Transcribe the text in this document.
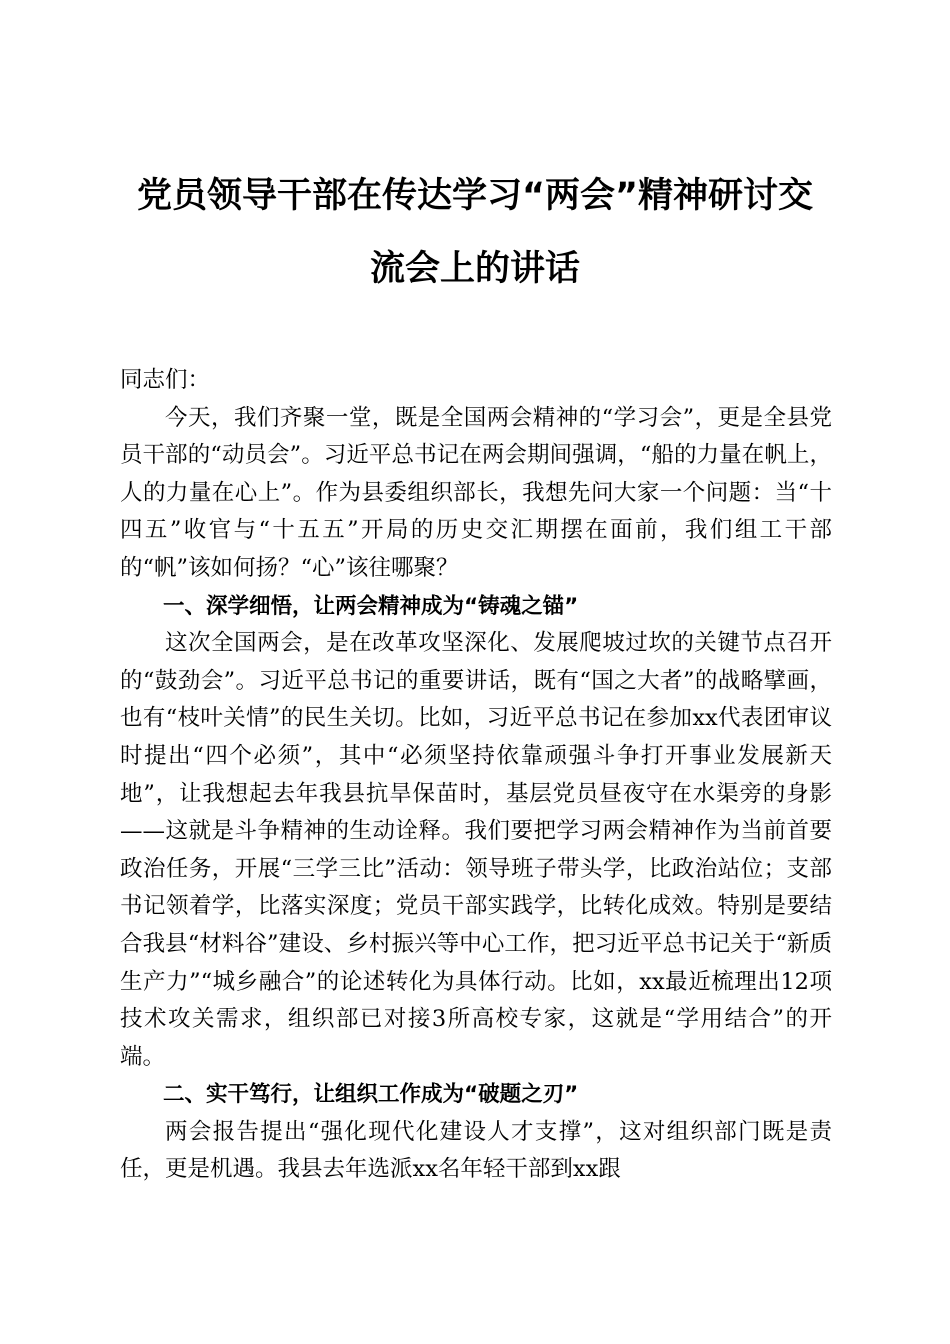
党员领导干部在传达学习“两会”精神研讨交
流会上的讲话

同志们：

今天，我们齐聚一堂，既是全国两会精神的“学习会”，更是全县党员干部的“动员会”。习近平总书记在两会期间强调，“船的力量在帆上，人的力量在心上”。作为县委组织部长，我想先问大家一个问题：当“十四五”收官与“十五五”开局的历史交汇期摆在面前，我们组工干部的“帆”该如何扬？“心”该往哪聚？

一、深学细悟，让两会精神成为“铸魂之锚”

这次全国两会，是在改革攻坚深化、发展爬坡过坎的关键节点召开的“鼓劲会”。习近平总书记的重要讲话，既有“国之大者”的战略擘画，也有“枝叶关情”的民生关切。比如，习近平总书记在参加xx代表团审议时提出“四个必须”，其中“必须坚持依靠顽强斗争打开事业发展新天地”，让我想起去年我县抗旱保苗时，基层党员昼夜守在水渠旁的身影——这就是斗争精神的生动诠释。我们要把学习两会精神作为当前首要政治任务，开展“三学三比”活动：领导班子带头学，比政治站位；支部书记领着学，比落实深度；党员干部实践学，比转化成效。特别是要结合我县“材料谷”建设、乡村振兴等中心工作，把习近平总书记关于“新质生产力”“城乡融合”的论述转化为具体行动。比如，xx最近梳理出12项技术攻关需求，组织部已对接3所高校专家，这就是“学用结合”的开端。

二、实干笃行，让组织工作成为“破题之刃”

两会报告提出“强化现代化建设人才支撑”，这对组织部门既是责任，更是机遇。我县去年选派xx名年轻干部到xx跟
